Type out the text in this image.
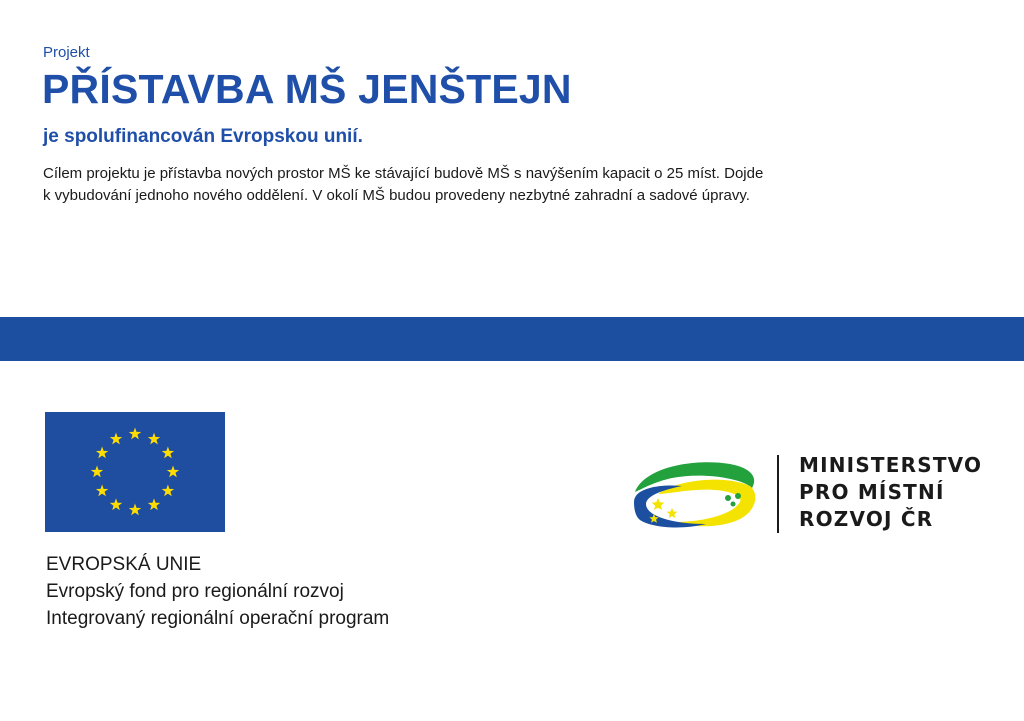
Projekt
PŘÍSTAVBA MŠ JENŠTEJN
je spolufinancován Evropskou unií.
Cílem projektu je přístavba nových prostor MŠ ke stávající budově MŠ s navýšením kapacit o 25 míst. Dojde
k vybudování jednoho nového oddělení. V okolí MŠ budou provedeny nezbytné zahradní a sadové úpravy.
EVROPSKÁ UNIE
Evropský fond pro regionální rozvoj
Integrovaný regionální operační program
MINISTERSTVO
PRO MÍSTNÍ
ROZVOJ ČR
